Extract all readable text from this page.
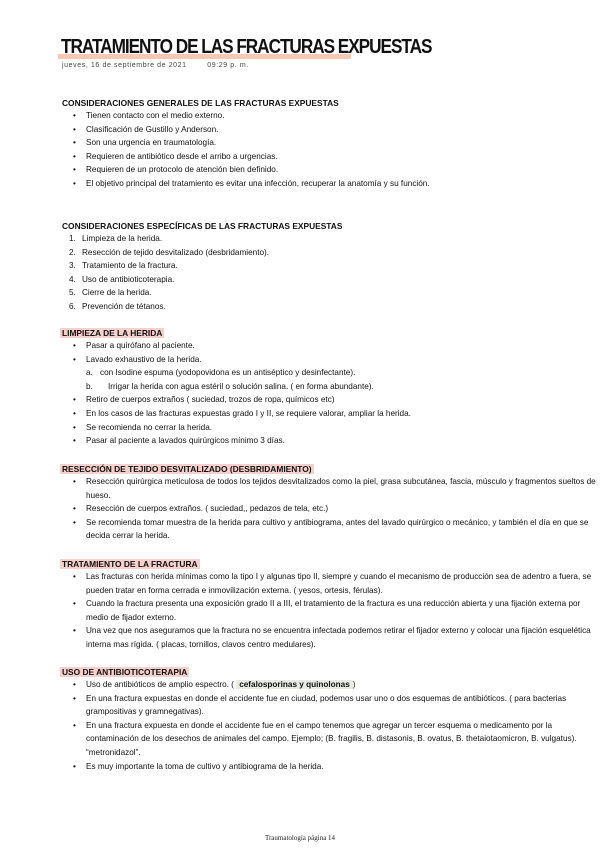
TRATAMIENTO DE LAS FRACTURAS EXPUESTAS
jueves, 16 de septiembre de 2021	09:29 p. m.
CONSIDERACIONES GENERALES DE LAS FRACTURAS EXPUESTAS
• Tienen contacto con el medio externo.
• Clasificación de Gustillo y Anderson.
• Son una urgencia en traumatología.
• Requieren de antibiótico desde el arribo a urgencias.
• Requieren de un protocolo de atención bien definido.
• El objetivo principal del tratamiento es evitar una infección, recuperar la anatomía y su función.
CONSIDERACIONES ESPECÍFICAS DE LAS FRACTURAS EXPUESTAS
1. Limpieza de la herida.
2. Resección de tejido desvitalizado (desbridamiento).
3. Tratamiento de la fractura.
4. Uso de antibioticoterapia.
5. Cierre de la herida.
6. Prevención de tétanos.
LIMPIEZA DE LA HERIDA
• Pasar a quirófano al paciente.
• Lavado exhaustivo de la herida.
a. con Isodine espuma (yodopovidona es un antiséptico y desinfectante).
b. Irrigar la herida con agua estéril o solución salina. ( en forma abundante).
• Retiro de cuerpos extraños ( suciedad, trozos de ropa, químicos etc)
• En los casos de las fracturas expuestas grado I y II, se requiere valorar, ampliar la herida.
• Se recomienda no cerrar la herida.
• Pasar al paciente a lavados quirúrgicos mínimo 3 días.
RESECCIÓN DE TEJIDO DESVITALIZADO (DESBRIDAMIENTO)
• Resección quirúrgica meticulosa de todos los tejidos desvitalizados como la piel, grasa subcutánea, fascia, músculo y fragmentos sueltos de hueso.
• Resección de cuerpos extraños. ( suciedad,, pedazos de tela, etc.)
• Se recomienda tomar muestra de la herida para cultivo y antibiograma, antes del lavado quirúrgico o mecánico, y también el día en que se decida cerrar la herida.
TRATAMIENTO DE LA FRACTURA
• Las fracturas con herida mínimas como la tipo I y algunas tipo II, siempre y cuando el mecanismo de producción sea de adentro a fuera, se pueden tratar en forma cerrada e inmovilización externa. ( yesos, ortesis, férulas).
• Cuando la fractura presenta una exposición grado II a III, el tratamiento de la fractura es una reducción abierta y una fijación externa por medio de fijador externo.
• Una vez que nos aseguramos que la fractura no se encuentra infectada podemos retirar el fijador externo y colocar una fijación esquelética interna mas rígida. ( placas, tornillos, clavos centro medulares).
USO DE ANTIBIOTICOTERAPIA
• Uso de antibióticos de amplio espectro. ( cefalosporinas y quinolonas )
• En una fractura expuestas en donde el accidente fue en ciudad, podemos usar uno o dos esquemas de antibióticos. ( para bacterias grampositivas y gramnegativas).
• En una fractura expuesta en donde el accidente fue en el campo tenemos que agregar un tercer esquema o medicamento por la contaminación de los desechos de animales del campo. Ejemplo; (B. fragilis, B. distasonis, B. ovatus, B. thetaiotaomicron, B. vulgatus). “metronidazol”.
• Es muy importante la toma de cultivo y antibiograma de la herida.
Traumatología página 14
